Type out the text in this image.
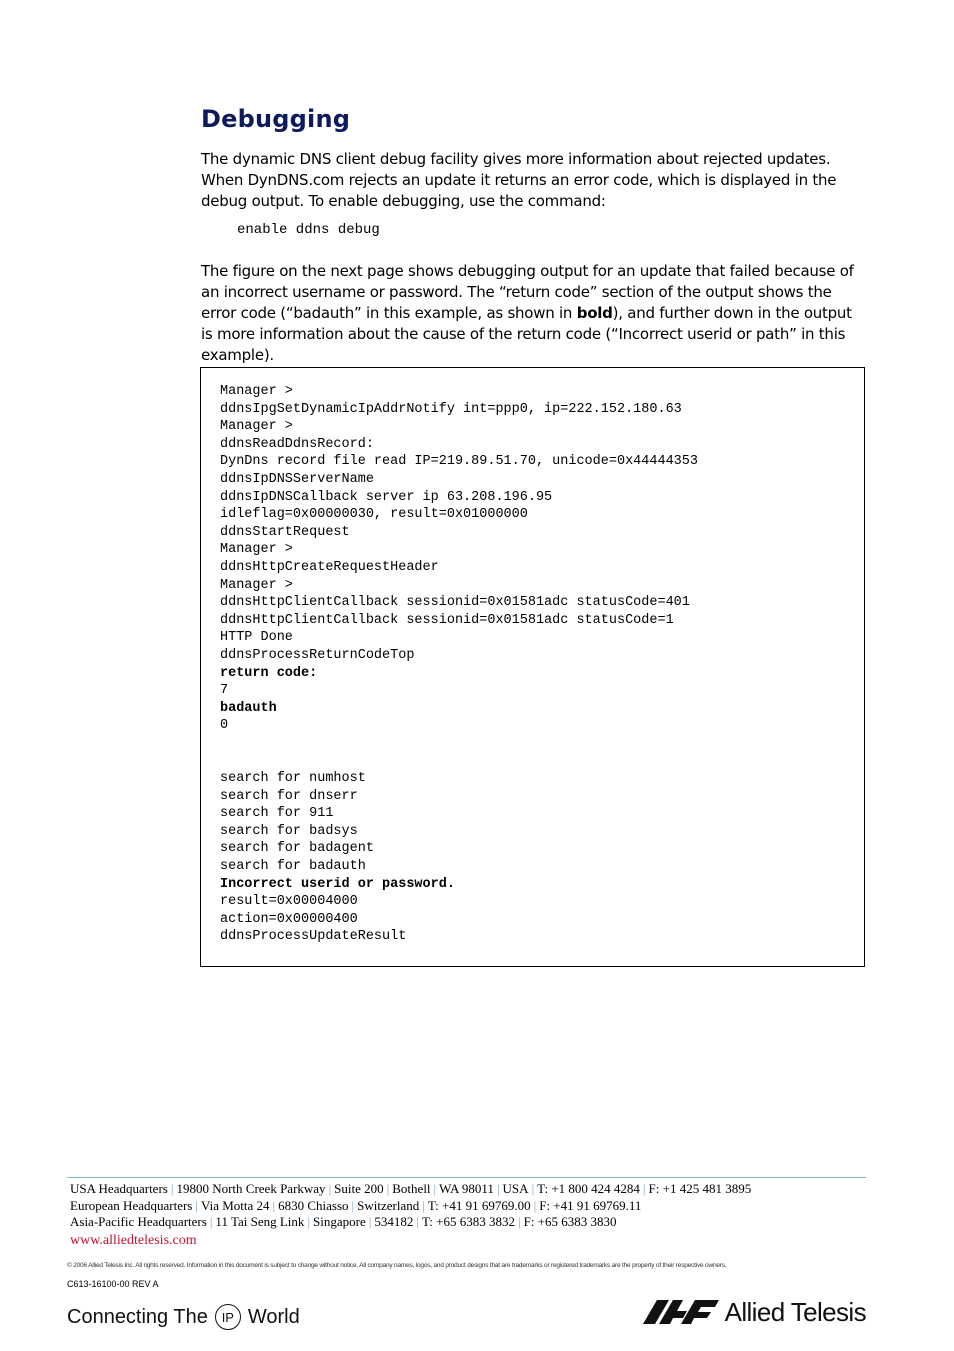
Debugging

The dynamic DNS client debug facility gives more information about rejected updates. When DynDNS.com rejects an update it returns an error code, which is displayed in the debug output. To enable debugging, use the command:

enable ddns debug

The figure on the next page shows debugging output for an update that failed because of an incorrect username or password. The “return code” section of the output shows the error code (“badauth” in this example, as shown in bold), and further down in the output is more information about the cause of the return code (“Incorrect userid or path” in this example).

Manager >
ddnsIpgSetDynamicIpAddrNotify int=ppp0, ip=222.152.180.63
Manager >
ddnsReadDdnsRecord:
DynDns record file read IP=219.89.51.70, unicode=0x44444353
ddnsIpDNSServerName
ddnsIpDNSCallback server ip 63.208.196.95
idleflag=0x00000030, result=0x01000000
ddnsStartRequest
Manager >
ddnsHttpCreateRequestHeader
Manager >
ddnsHttpClientCallback sessionid=0x01581adc statusCode=401
ddnsHttpClientCallback sessionid=0x01581adc statusCode=1
HTTP Done
ddnsProcessReturnCodeTop
return code:
7
badauth
0

search for numhost
search for dnserr
search for 911
search for badsys
search for badagent
search for badauth
Incorrect userid or password.
result=0x00004000
action=0x00000400
ddnsProcessUpdateResult
USA Headquarters | 19800 North Creek Parkway | Suite 200 | Bothell | WA 98011 | USA | T: +1 800 424 4284 | F: +1 425 481 3895
European Headquarters | Via Motta 24 | 6830 Chiasso | Switzerland | T: +41 91 69769.00 | F: +41 91 69769.11
Asia-Pacific Headquarters | 11 Tai Seng Link | Singapore | 534182 | T: +65 6383 3832 | F: +65 6383 3830
www.alliedtelesis.com
© 2006 Allied Telesis Inc. All rights reserved. Information in this document is subject to change without notice. All company names, logos, and product designs that are trademarks or registered trademarks are the property of their respective owners.
C613-16100-00 REV A
Connecting The	IP World	Allied Telesis
